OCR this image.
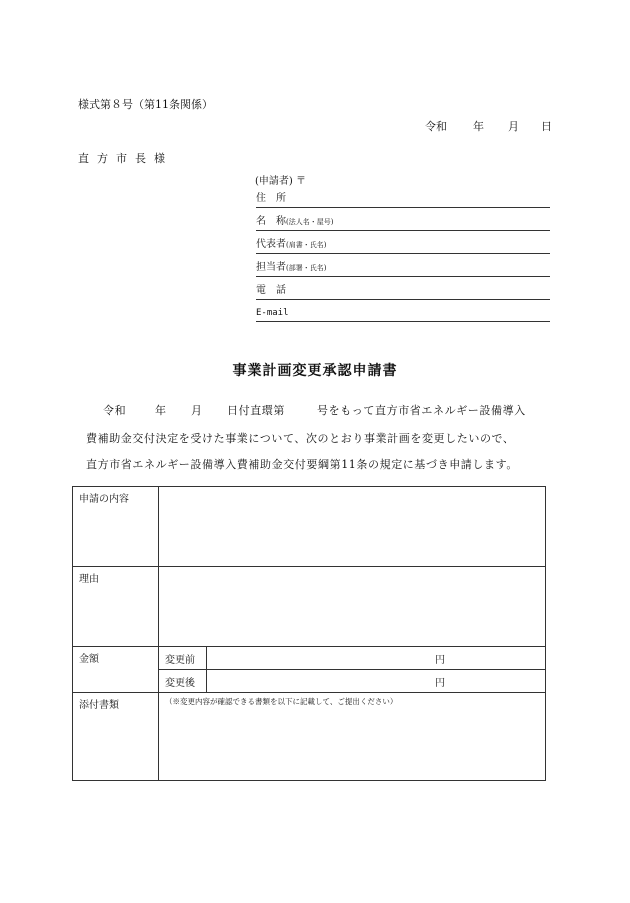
様式第８号（第11条関係）
令和 年 月 日
直方市長様
(申請者) 〒
住　所
名　称(法人名・屋号)
代表者(肩書・氏名)
担当者(部署・氏名)
電　話
E-mail
事業計画変更承認申請書
令和	年 月 日付直環第	号をもって直方市省エネルギー設備導入
費補助金交付決定を受けた事業について、次のとおり事業計画を変更したいので、
直方市省エネルギー設備導入費補助金交付要綱第11条の規定に基づき申請します。
申請の内容		
理由		
金額	変更前	円
	変更後	円
添付書類	（※変更内容が確認できる書類を以下に記載して、ご提出ください）	
